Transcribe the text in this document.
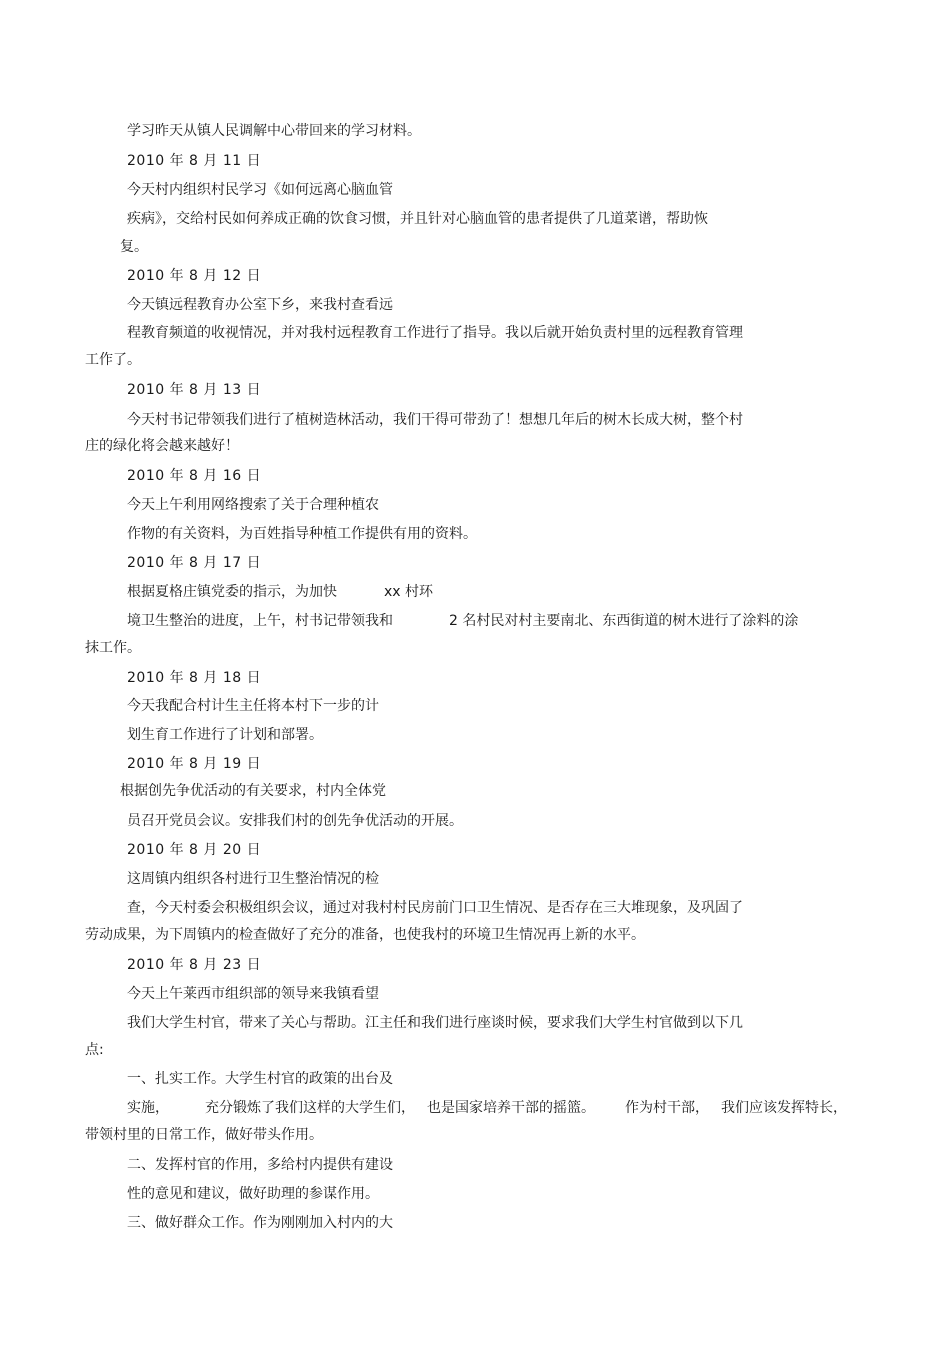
学习昨天从镇人民调解中心带回来的学习材料。

2010 年 8 月 11 日

今天村内组织村民学习《如何远离心脑血管

疾病》，交给村民如何养成正确的饮食习惯，并且针对心脑血管的患者提供了几道菜谱，帮助恢

复。

2010 年 8 月 12 日

今天镇远程教育办公室下乡，来我村查看远

程教育频道的收视情况，并对我村远程教育工作进行了指导。我以后就开始负责村里的远程教育管理

工作了。

2010 年 8 月 13 日

今天村书记带领我们进行了植树造林活动，我们干得可带劲了！想想几年后的树木长成大树，整个村

庄的绿化将会越来越好！

2010 年 8 月 16 日

今天上午利用网络搜索了关于合理种植农

作物的有关资料，为百姓指导种植工作提供有用的资料。

2010 年 8 月 17 日

根据夏格庄镇党委的指示，为加快	xx 村环

境卫生整治的进度，上午，村书记带领我和	2 名村民对村主要南北、东西街道的树木进行了涂料的涂

抹工作。

2010 年 8 月 18 日

今天我配合村计生主任将本村下一步的计

划生育工作进行了计划和部署。

2010 年 8 月 19 日

根据创先争优活动的有关要求，村内全体党

员召开党员会议。安排我们村的创先争优活动的开展。

2010 年 8 月 20 日

这周镇内组织各村进行卫生整治情况的检

查，今天村委会积极组织会议，通过对我村村民房前门口卫生情况、是否存在三大堆现象，及巩固了

劳动成果，为下周镇内的检查做好了充分的准备，也使我村的环境卫生情况再上新的水平。

2010 年 8 月 23 日

今天上午莱西市组织部的领导来我镇看望

我们大学生村官，带来了关心与帮助。江主任和我们进行座谈时候，要求我们大学生村官做到以下几

点:

一、扎实工作。大学生村官的政策的出台及

实施，	充分锻炼了我们这样的大学生们， 也是国家培养干部的摇篮。 作为村干部， 我们应该发挥特长，

带领村里的日常工作，做好带头作用。

二、发挥村官的作用，多给村内提供有建设

性的意见和建议，做好助理的参谋作用。

三、做好群众工作。作为刚刚加入村内的大
